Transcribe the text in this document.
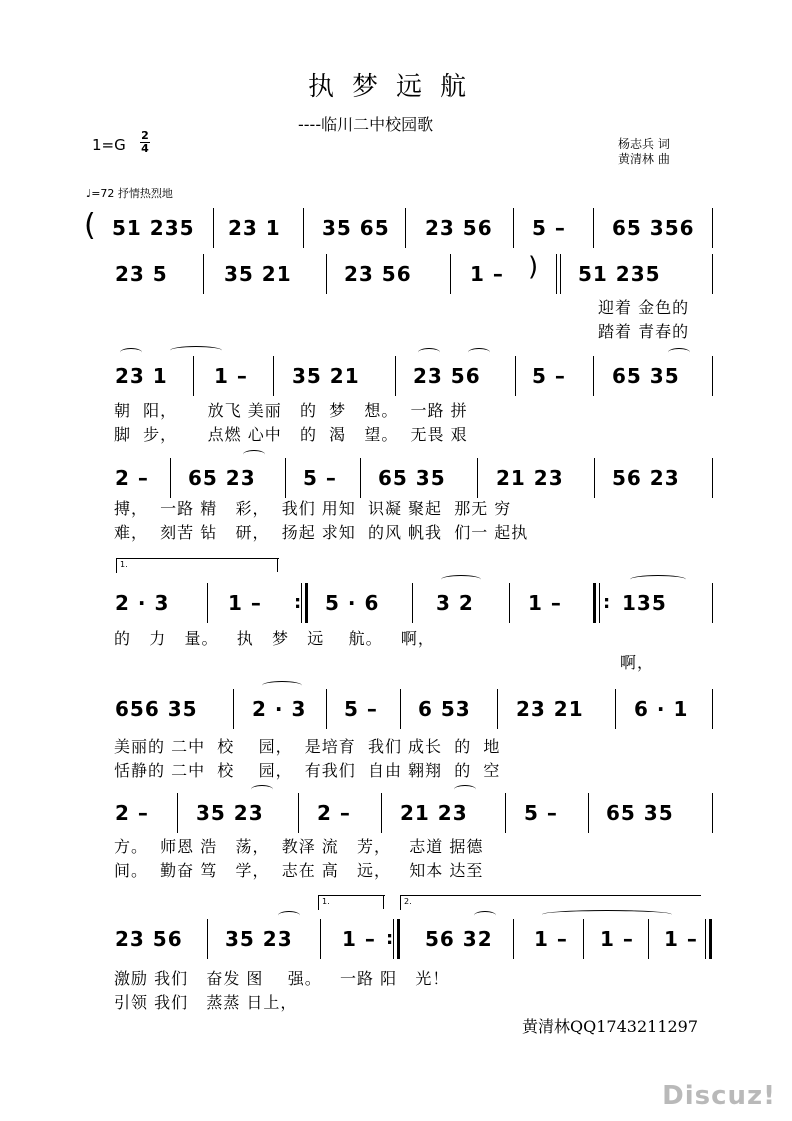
执梦远航
----临川二中校园歌
$1=G \frac{2}{4}$	杨志兵 词
黄清林 曲
♩=72 抒情热烈地
( 51 235 23 1 35 65 23 56 5 – 65 356
23 5	35 21	23 56	1 – ) 51 235
迎着 金色的
踏着 青春的
23 1 1 – 35 21	23 56	5 – 65 35
朝  阳，     放飞 美丽   的  梦   想。  一路 拼
脚  步，     点燃 心中   的  渴   望。  无畏 艰
2 – 65 23 5 – 65 35	21 23 56 23
搏，  一路 精   彩，  我们 用知  识凝 聚起  那无 穷
难，  刻苦 钻   研，  扬起 求知  的风 帆我  们一 起执
1.
2 · 3	1 – : 5 · 6	3 2	1 – : 135
的   力   量。   执   梦   远    航。   啊，
啊，
656 35	2 · 3 5 – 6 53 23 21	6 · 1
美丽的 二中  校    园，  是培育  我们 成长  的  地
恬静的 二中  校    园，  有我们  自由 翱翔  的  空
2 – 35 23	2 – 21 23	5 – 65 35
方。  师恩 浩   荡，  教泽 流   芳，   志道 据德
间。  勤奋 笃   学，  志在 高   远，   知本 达至
1.	2.
23 56 35 23 1 – : 56 32 1 – 1 – 1 –
激励 我们   奋发 图    强。   一路 阳   光！
引领 我们   蒸蒸 日上，
黄清林QQ1743211297
Discuz!
